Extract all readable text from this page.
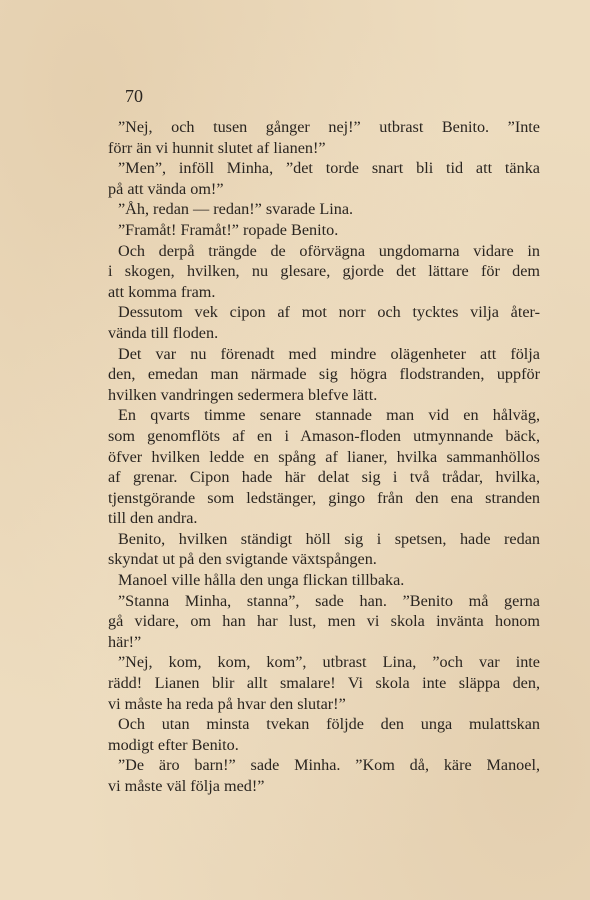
70
”Nej, och tusen gånger nej!” utbrast Benito. ”Inte
förr än vi hunnit slutet af lianen!”
”Men”, inföll Minha, ”det torde snart bli tid att tänka
på att vända om!”
”Åh, redan — redan!” svarade Lina.
”Framåt! Framåt!” ropade Benito.
Och derpå trängde de oförvägna ungdomarna vidare in
i skogen, hvilken, nu glesare, gjorde det lättare för dem
att komma fram.
Dessutom vek cipon af mot norr och tycktes vilja åter-
vända till floden.
Det var nu förenadt med mindre olägenheter att följa
den, emedan man närmade sig högra flodstranden, uppför
hvilken vandringen sedermera blefve lätt.
En qvarts timme senare stannade man vid en hålväg,
som genomflöts af en i Amason-floden utmynnande bäck,
öfver hvilken ledde en spång af lianer, hvilka sammanhöllos
af grenar. Cipon hade här delat sig i två trådar, hvilka,
tjenstgörande som ledstänger, gingo från den ena stranden
till den andra.
Benito, hvilken ständigt höll sig i spetsen, hade redan
skyndat ut på den svigtande växtspången.
Manoel ville hålla den unga flickan tillbaka.
”Stanna Minha, stanna”, sade han. ”Benito må gerna
gå vidare, om han har lust, men vi skola invänta honom
här!”
”Nej, kom, kom, kom”, utbrast Lina, ”och var inte
rädd! Lianen blir allt smalare! Vi skola inte släppa den,
vi måste ha reda på hvar den slutar!”
Och utan minsta tvekan följde den unga mulattskan
modigt efter Benito.
”De äro barn!” sade Minha. ”Kom då, käre Manoel,
vi måste väl följa med!”
